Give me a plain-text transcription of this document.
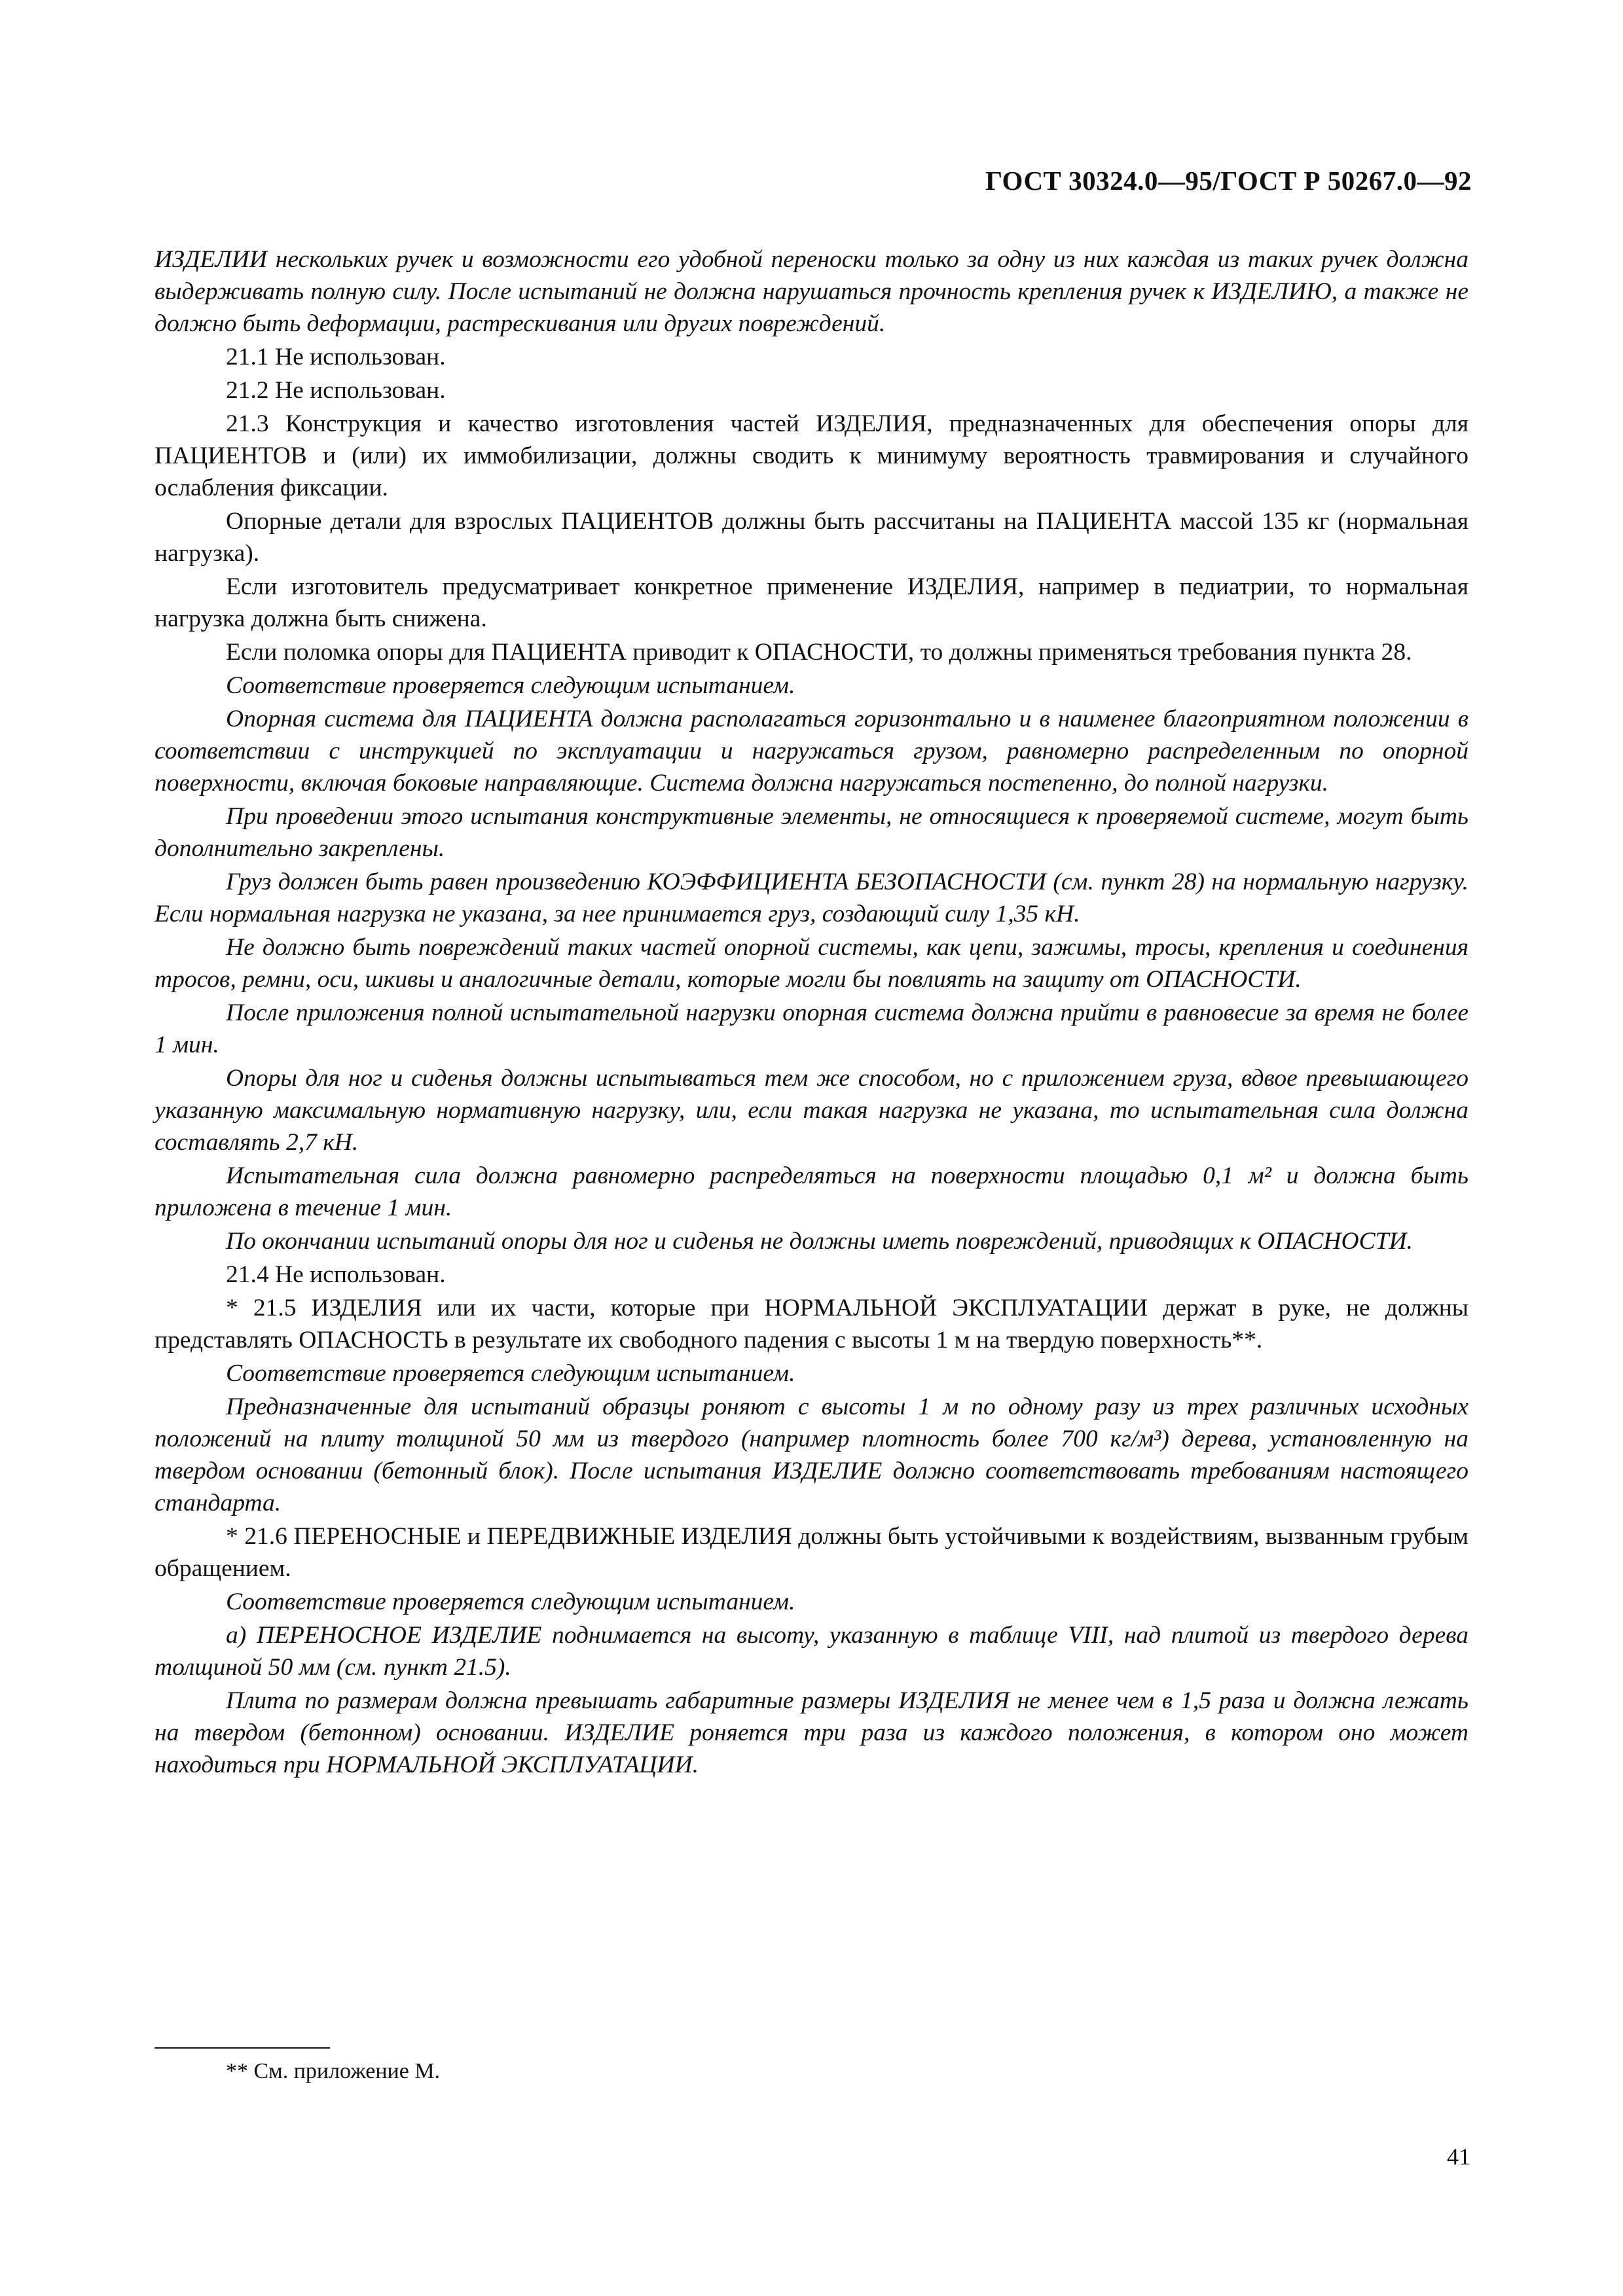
ГОСТ 30324.0—95/ГОСТ Р 50267.0—92

ИЗДЕЛИИ нескольких ручек и возможности его удобной переноски только за одну из них каждая из таких ручек должна выдерживать полную силу. После испытаний не должна нарушаться прочность крепления ручек к ИЗДЕЛИЮ, а также не должно быть деформации, растрескивания или других повреждений.

21.1 Не использован.

21.2 Не использован.

21.3 Конструкция и качество изготовления частей ИЗДЕЛИЯ, предназначенных для обеспечения опоры для ПАЦИЕНТОВ и (или) их иммобилизации, должны сводить к минимуму вероятность травмирования и случайного ослабления фиксации.

Опорные детали для взрослых ПАЦИЕНТОВ должны быть рассчитаны на ПАЦИЕНТА массой 135 кг (нормальная нагрузка).

Если изготовитель предусматривает конкретное применение ИЗДЕЛИЯ, например в педиатрии, то нормальная нагрузка должна быть снижена.

Если поломка опоры для ПАЦИЕНТА приводит к ОПАСНОСТИ, то должны применяться требования пункта 28.

Соответствие проверяется следующим испытанием.

Опорная система для ПАЦИЕНТА должна располагаться горизонтально и в наименее благоприятном положении в соответствии с инструкцией по эксплуатации и нагружаться грузом, равномерно распределенным по опорной поверхности, включая боковые направляющие. Система должна нагружаться постепенно, до полной нагрузки.

При проведении этого испытания конструктивные элементы, не относящиеся к проверяемой системе, могут быть дополнительно закреплены.

Груз должен быть равен произведению КОЭФФИЦИЕНТА БЕЗОПАСНОСТИ (см. пункт 28) на нормальную нагрузку. Если нормальная нагрузка не указана, за нее принимается груз, создающий силу 1,35 кН.

Не должно быть повреждений таких частей опорной системы, как цепи, зажимы, тросы, крепления и соединения тросов, ремни, оси, шкивы и аналогичные детали, которые могли бы повлиять на защиту от ОПАСНОСТИ.

После приложения полной испытательной нагрузки опорная система должна прийти в равновесие за время не более 1 мин.

Опоры для ног и сиденья должны испытываться тем же способом, но с приложением груза, вдвое превышающего указанную максимальную нормативную нагрузку, или, если такая нагрузка не указана, то испытательная сила должна составлять 2,7 кН.

Испытательная сила должна равномерно распределяться на поверхности площадью 0,1 м² и должна быть приложена в течение 1 мин.

По окончании испытаний опоры для ног и сиденья не должны иметь повреждений, приводящих к ОПАСНОСТИ.

21.4 Не использован.

* 21.5 ИЗДЕЛИЯ или их части, которые при НОРМАЛЬНОЙ ЭКСПЛУАТАЦИИ держат в руке, не должны представлять ОПАСНОСТЬ в результате их свободного падения с высоты 1 м на твердую поверхность**.

Соответствие проверяется следующим испытанием.

Предназначенные для испытаний образцы роняют с высоты 1 м по одному разу из трех различных исходных положений на плиту толщиной 50 мм из твердого (например плотность более 700 кг/м³) дерева, установленную на твердом основании (бетонный блок). После испытания ИЗДЕЛИЕ должно соответствовать требованиям настоящего стандарта.

* 21.6 ПЕРЕНОСНЫЕ и ПЕРЕДВИЖНЫЕ ИЗДЕЛИЯ должны быть устойчивыми к воздействиям, вызванным грубым обращением.

Соответствие проверяется следующим испытанием.

а) ПЕРЕНОСНОЕ ИЗДЕЛИЕ поднимается на высоту, указанную в таблице VIII, над плитой из твердого дерева толщиной 50 мм (см. пункт 21.5).

Плита по размерам должна превышать габаритные размеры ИЗДЕЛИЯ не менее чем в 1,5 раза и должна лежать на твердом (бетонном) основании. ИЗДЕЛИЕ роняется три раза из каждого положения, в котором оно может находиться при НОРМАЛЬНОЙ ЭКСПЛУАТАЦИИ.

** См. приложение М.
41
